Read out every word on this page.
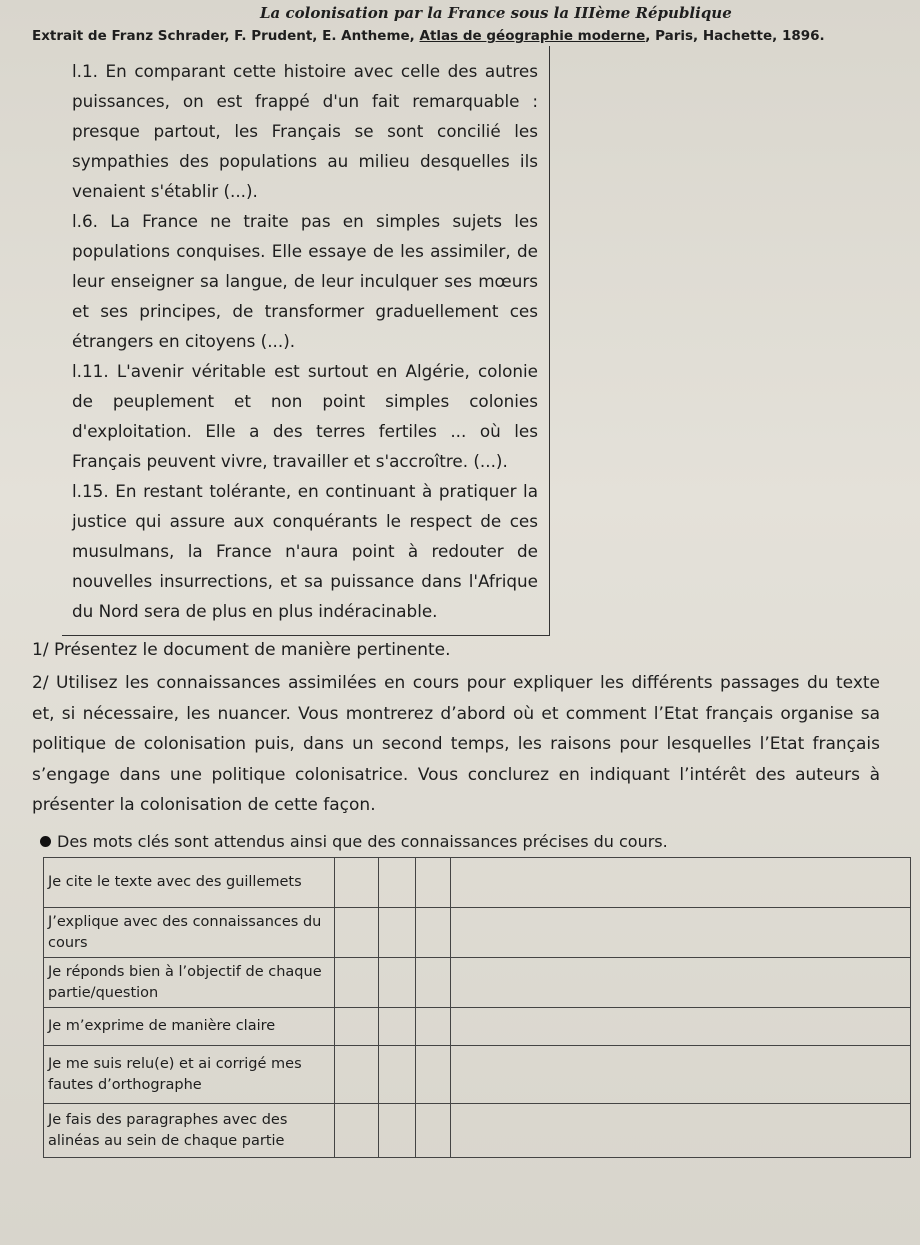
La colonisation par la France sous la IIIème République
Extrait de Franz Schrader, F. Prudent, E. Antheme, Atlas de géographie moderne, Paris, Hachette, 1896.
l.1. En comparant cette histoire avec celle des autres puissances, on est frappé d'un fait remarquable : presque partout, les Français se sont concilié les sympathies des populations au milieu desquelles ils venaient s'établir (...).
l.6. La France ne traite pas en simples sujets les populations conquises. Elle essaye de les assimiler, de leur enseigner sa langue, de leur inculquer ses mœurs et ses principes, de transformer graduellement ces étrangers en citoyens (...).
l.11. L'avenir véritable est surtout en Algérie, colonie de peuplement et non point simples colonies d'exploitation. Elle a des terres fertiles ... où les Français peuvent vivre, travailler et s'accroître. (...).
l.15. En restant tolérante, en continuant à pratiquer la justice qui assure aux conquérants le respect de ces musulmans, la France n'aura point à redouter de nouvelles insurrections, et sa puissance dans l'Afrique du Nord sera de plus en plus indéracinable.
1/ Présentez le document de manière pertinente.
2/ Utilisez les connaissances assimilées en cours pour expliquer les différents passages du texte et, si nécessaire, les nuancer. Vous montrerez d’abord où et comment l’Etat français organise sa politique de colonisation puis, dans un second temps, les raisons pour lesquelles l’Etat français s’engage dans une politique colonisatrice. Vous conclurez en indiquant l’intérêt des auteurs à présenter la colonisation de cette façon.
Des mots clés sont attendus ainsi que des connaissances précises du cours.
Je cite le texte avec des guillemets				
J’explique avec des connaissances du cours				
Je réponds bien à l’objectif de chaque partie/question				
Je m’exprime de manière claire				
Je me suis relu(e) et ai corrigé mes fautes d’orthographe				
Je fais des paragraphes avec des alinéas au sein de chaque partie				
